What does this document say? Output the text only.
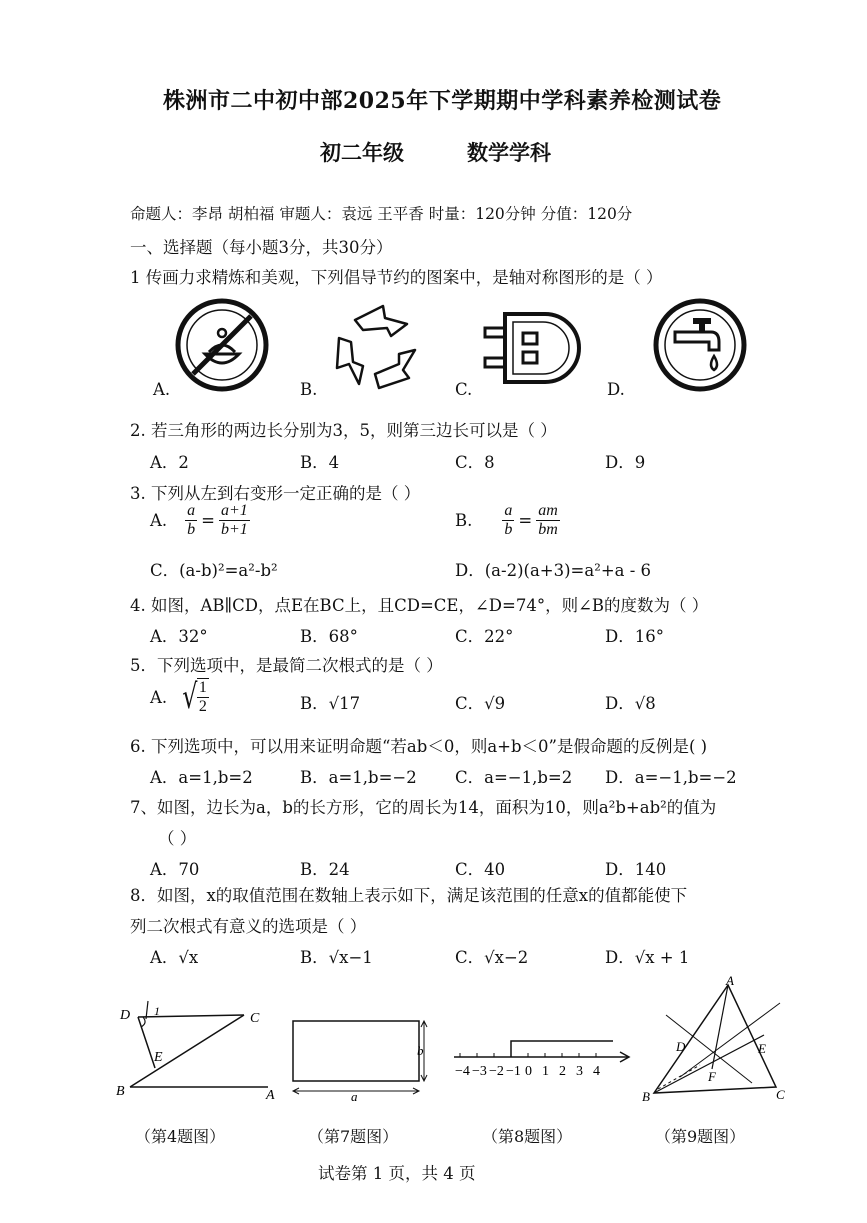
株洲市二中初中部2025年下学期期中学科素养检测试卷
初二年级	数学学科
命题人：李昂 胡柏福 审题人：袁远 王平香 时量：120分钟 分值：120分
一、选择题（每小题3分，共30分）
1 传画力求精炼和美观，下列倡导节约的图案中，是轴对称图形的是（ ）
A.	B.	C.	D.
2. 若三角形的两边长分别为3，5，则第三边长可以是（ ）
A．2	B．4	C．8	D．9
3. 下列从左到右变形一定正确的是（ ）
A. $\frac{a}{b} = \frac{a+1}{b+1}$	B. $\frac{a}{b} = \frac{am}{bm}$
C．(a-b)²=a²-b²	D．(a-2)(a+3)=a²+a - 6
4. 如图，AB∥CD，点E在BC上，且CD=CE，∠D=74°，则∠B的度数为（ ）
A．32°	B．68°	C．22°	D．16°
5．下列选项中，是最简二次根式的是（ ）
A. √ $\frac{1}{2}$	B．√17	C．√9	D．√8
6. 下列选项中，可以用来证明命题“若ab＜0，则a+b＜0”是假命题的反例是( )
A．a=1,b=2	B．a=1,b=−2 C．a=−1,b=2 D．a=−1,b=−2
7、如图，边长为a，b的长方形，它的周长为14，面积为10，则a²b+ab²的值为
（ ）
A．70	B．24	C．40	D．140
8．如图，x的取值范围在数轴上表示如下，满足该范围的任意x的值都能使下
列二次根式有意义的选项是（ ）
A．√x	B．√x−1	C．√x−2	D．√x + 1
D	C
E
B	A
1
（第4题图）
b
a
（第7题图）
−4 −3 −2 −1 0 1 2 3 4
（第8题图）
A
D	E
F
B	C
（第9题图）
试卷第 1 页，共 4 页
